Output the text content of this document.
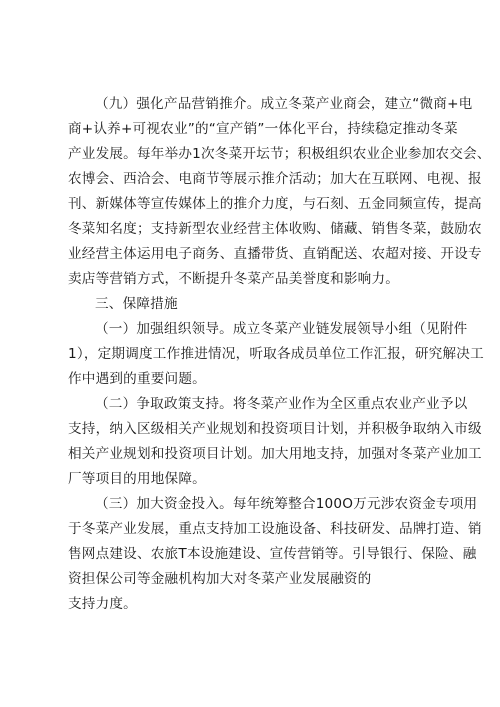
（九）强化产品营销推介。成立冬菜产业商会，建立“微商+电
商+认养+可视农业”的“宣产销”一体化平台，持续稳定推动冬菜
产业发展。每年举办1次冬菜开坛节；积极组织农业企业参加农交会、
农博会、西洽会、电商节等展示推介活动；加大在互联网、电视、报
刊、新媒体等宣传媒体上的推介力度，与石刻、五金同频宣传，提高
冬菜知名度；支持新型农业经营主体收购、储藏、销售冬菜，鼓励农
业经营主体运用电子商务、直播带货、直销配送、农超对接、开设专
卖店等营销方式，不断提升冬菜产品美誉度和影响力。
三、保障措施
（一）加强组织领导。成立冬菜产业链发展领导小组（见附件
1），定期调度工作推进情况，听取各成员单位工作汇报，研究解决工
作中遇到的重要问题。
（二）争取政策支持。将冬菜产业作为全区重点农业产业予以
支持，纳入区级相关产业规划和投资项目计划，并积极争取纳入市级
相关产业规划和投资项目计划。加大用地支持，加强对冬菜产业加工
厂等项目的用地保障。
（三）加大资金投入。每年统筹整合100O万元涉农资金专项用
于冬菜产业发展，重点支持加工设施设备、科技研发、品牌打造、销
售网点建设、农旅T本设施建设、宣传营销等。引导银行、保险、融
资担保公司等金融机构加大对冬菜产业发展融资的
支持力度。
